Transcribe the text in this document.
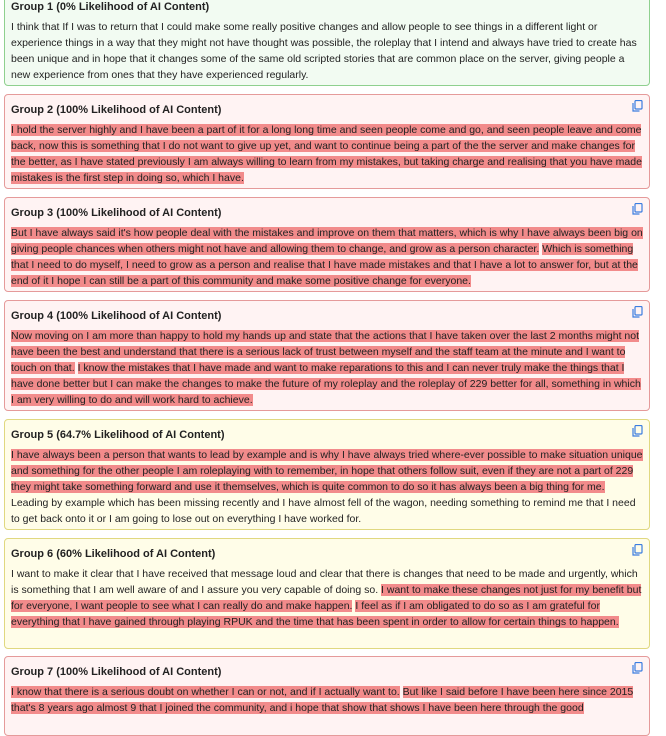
Group 1 (0% Likelihood of AI Content)
I think that If I was to return that I could make some really positive changes and allow people to see things in a different light or experience things in a way that they might not have thought was possible, the roleplay that I intend and always have tried to create has been unique and in hope that it changes some of the same old scripted stories that are common place on the server, giving people a new experience from ones that they have experienced regularly.
Group 2 (100% Likelihood of AI Content)
I hold the server highly and I have been a part of it for a long long time and seen people come and go, and seen people leave and come back, now this is something that I do not want to give up yet, and want to continue being a part of the the server and make changes for the better, as I have stated previously I am always willing to learn from my mistakes, but taking charge and realising that you have made mistakes is the first step in doing so, which I have.
Group 3 (100% Likelihood of AI Content)
But I have always said it's how people deal with the mistakes and improve on them that matters, which is why I have always been big on giving people chances when others might not have and allowing them to change, and grow as a person character. Which is something that I need to do myself, I need to grow as a person and realise that I have made mistakes and that I have a lot to answer for, but at the end of it I hope I can still be a part of this community and make some positive change for everyone.
Group 4 (100% Likelihood of AI Content)
Now moving on I am more than happy to hold my hands up and state that the actions that I have taken over the last 2 months might not have been the best and understand that there is a serious lack of trust between myself and the staff team at the minute and I want to touch on that. I know the mistakes that I have made and want to make reparations to this and I can never truly make the things that I have done better but I can make the changes to make the future of my roleplay and the roleplay of 229 better for all, something in which I am very willing to do and will work hard to achieve.
Group 5 (64.7% Likelihood of AI Content)
I have always been a person that wants to lead by example and is why I have always tried where-ever possible to make situation unique and something for the other people I am roleplaying with to remember, in hope that others follow suit, even if they are not a part of 229 they might take something forward and use it themselves, which is quite common to do so it has always been a big thing for me. Leading by example which has been missing recently and I have almost fell of the wagon, needing something to remind me that I need to get back onto it or I am going to lose out on everything I have worked for.
Group 6 (60% Likelihood of AI Content)
I want to make it clear that I have received that message loud and clear that there is changes that need to be made and urgently, which is something that I am well aware of and I assure you very capable of doing so. I want to make these changes not just for my benefit but for everyone, I want people to see what I can really do and make happen. I feel as if I am obligated to do so as I am grateful for everything that I have gained through playing RPUK and the time that has been spent in order to allow for certain things to happen.
Group 7 (100% Likelihood of AI Content)
I know that there is a serious doubt on whether I can or not, and if I actually want to. But like I said before I have been here since 2015 that's 8 years ago almost 9 that I joined the community, and i hope that show that shows I have been here through the good
